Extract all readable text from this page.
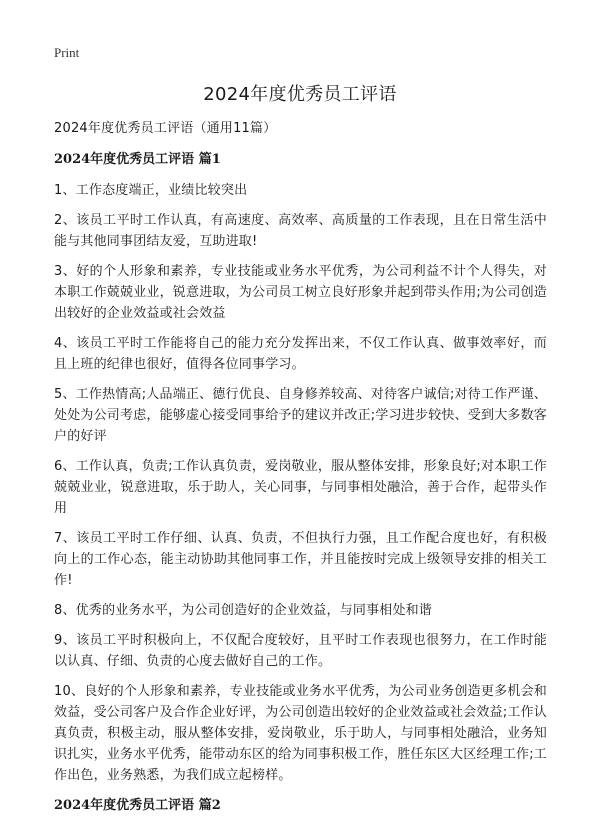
Print
2024年度优秀员工评语

2024年度优秀员工评语（通用11篇）

2024年度优秀员工评语 篇1

1、工作态度端正，业绩比较突出

2、该员工平时工作认真，有高速度、高效率、高质量的工作表现，且在日常生活中能与其他同事团结友爱，互助进取!

3、好的个人形象和素养，专业技能或业务水平优秀，为公司利益不计个人得失，对本职工作兢兢业业，锐意进取，为公司员工树立良好形象并起到带头作用;为公司创造出较好的企业效益或社会效益

4、该员工平时工作能将自己的能力充分发挥出来，不仅工作认真、做事效率好，而且上班的纪律也很好，值得各位同事学习。

5、工作热情高;人品端正、德行优良、自身修养较高、对待客户诚信;对待工作严谨、处处为公司考虑，能够虚心接受同事给予的建议并改正;学习进步较快、受到大多数客户的好评

6、工作认真，负责;工作认真负责，爱岗敬业，服从整体安排，形象良好;对本职工作兢兢业业，锐意进取，乐于助人，关心同事，与同事相处融洽，善于合作，起带头作用

7、该员工平时工作仔细、认真、负责，不但执行力强，且工作配合度也好，有积极向上的工作心态，能主动协助其他同事工作，并且能按时完成上级领导安排的相关工作!

8、优秀的业务水平，为公司创造好的企业效益，与同事相处和谐

9、该员工平时积极向上，不仅配合度较好，且平时工作表现也很努力，在工作时能以认真、仔细、负责的心度去做好自己的工作。

10、良好的个人形象和素养，专业技能或业务水平优秀，为公司业务创造更多机会和效益，受公司客户及合作企业好评，为公司创造出较好的企业效益或社会效益;工作认真负责，积极主动，服从整体安排，爱岗敬业，乐于助人，与同事相处融洽，业务知识扎实，业务水平优秀，能带动东区的给为同事积极工作，胜任东区大区经理工作;工作出色，业务熟悉，为我们成立起榜样。

2024年度优秀员工评语 篇2
